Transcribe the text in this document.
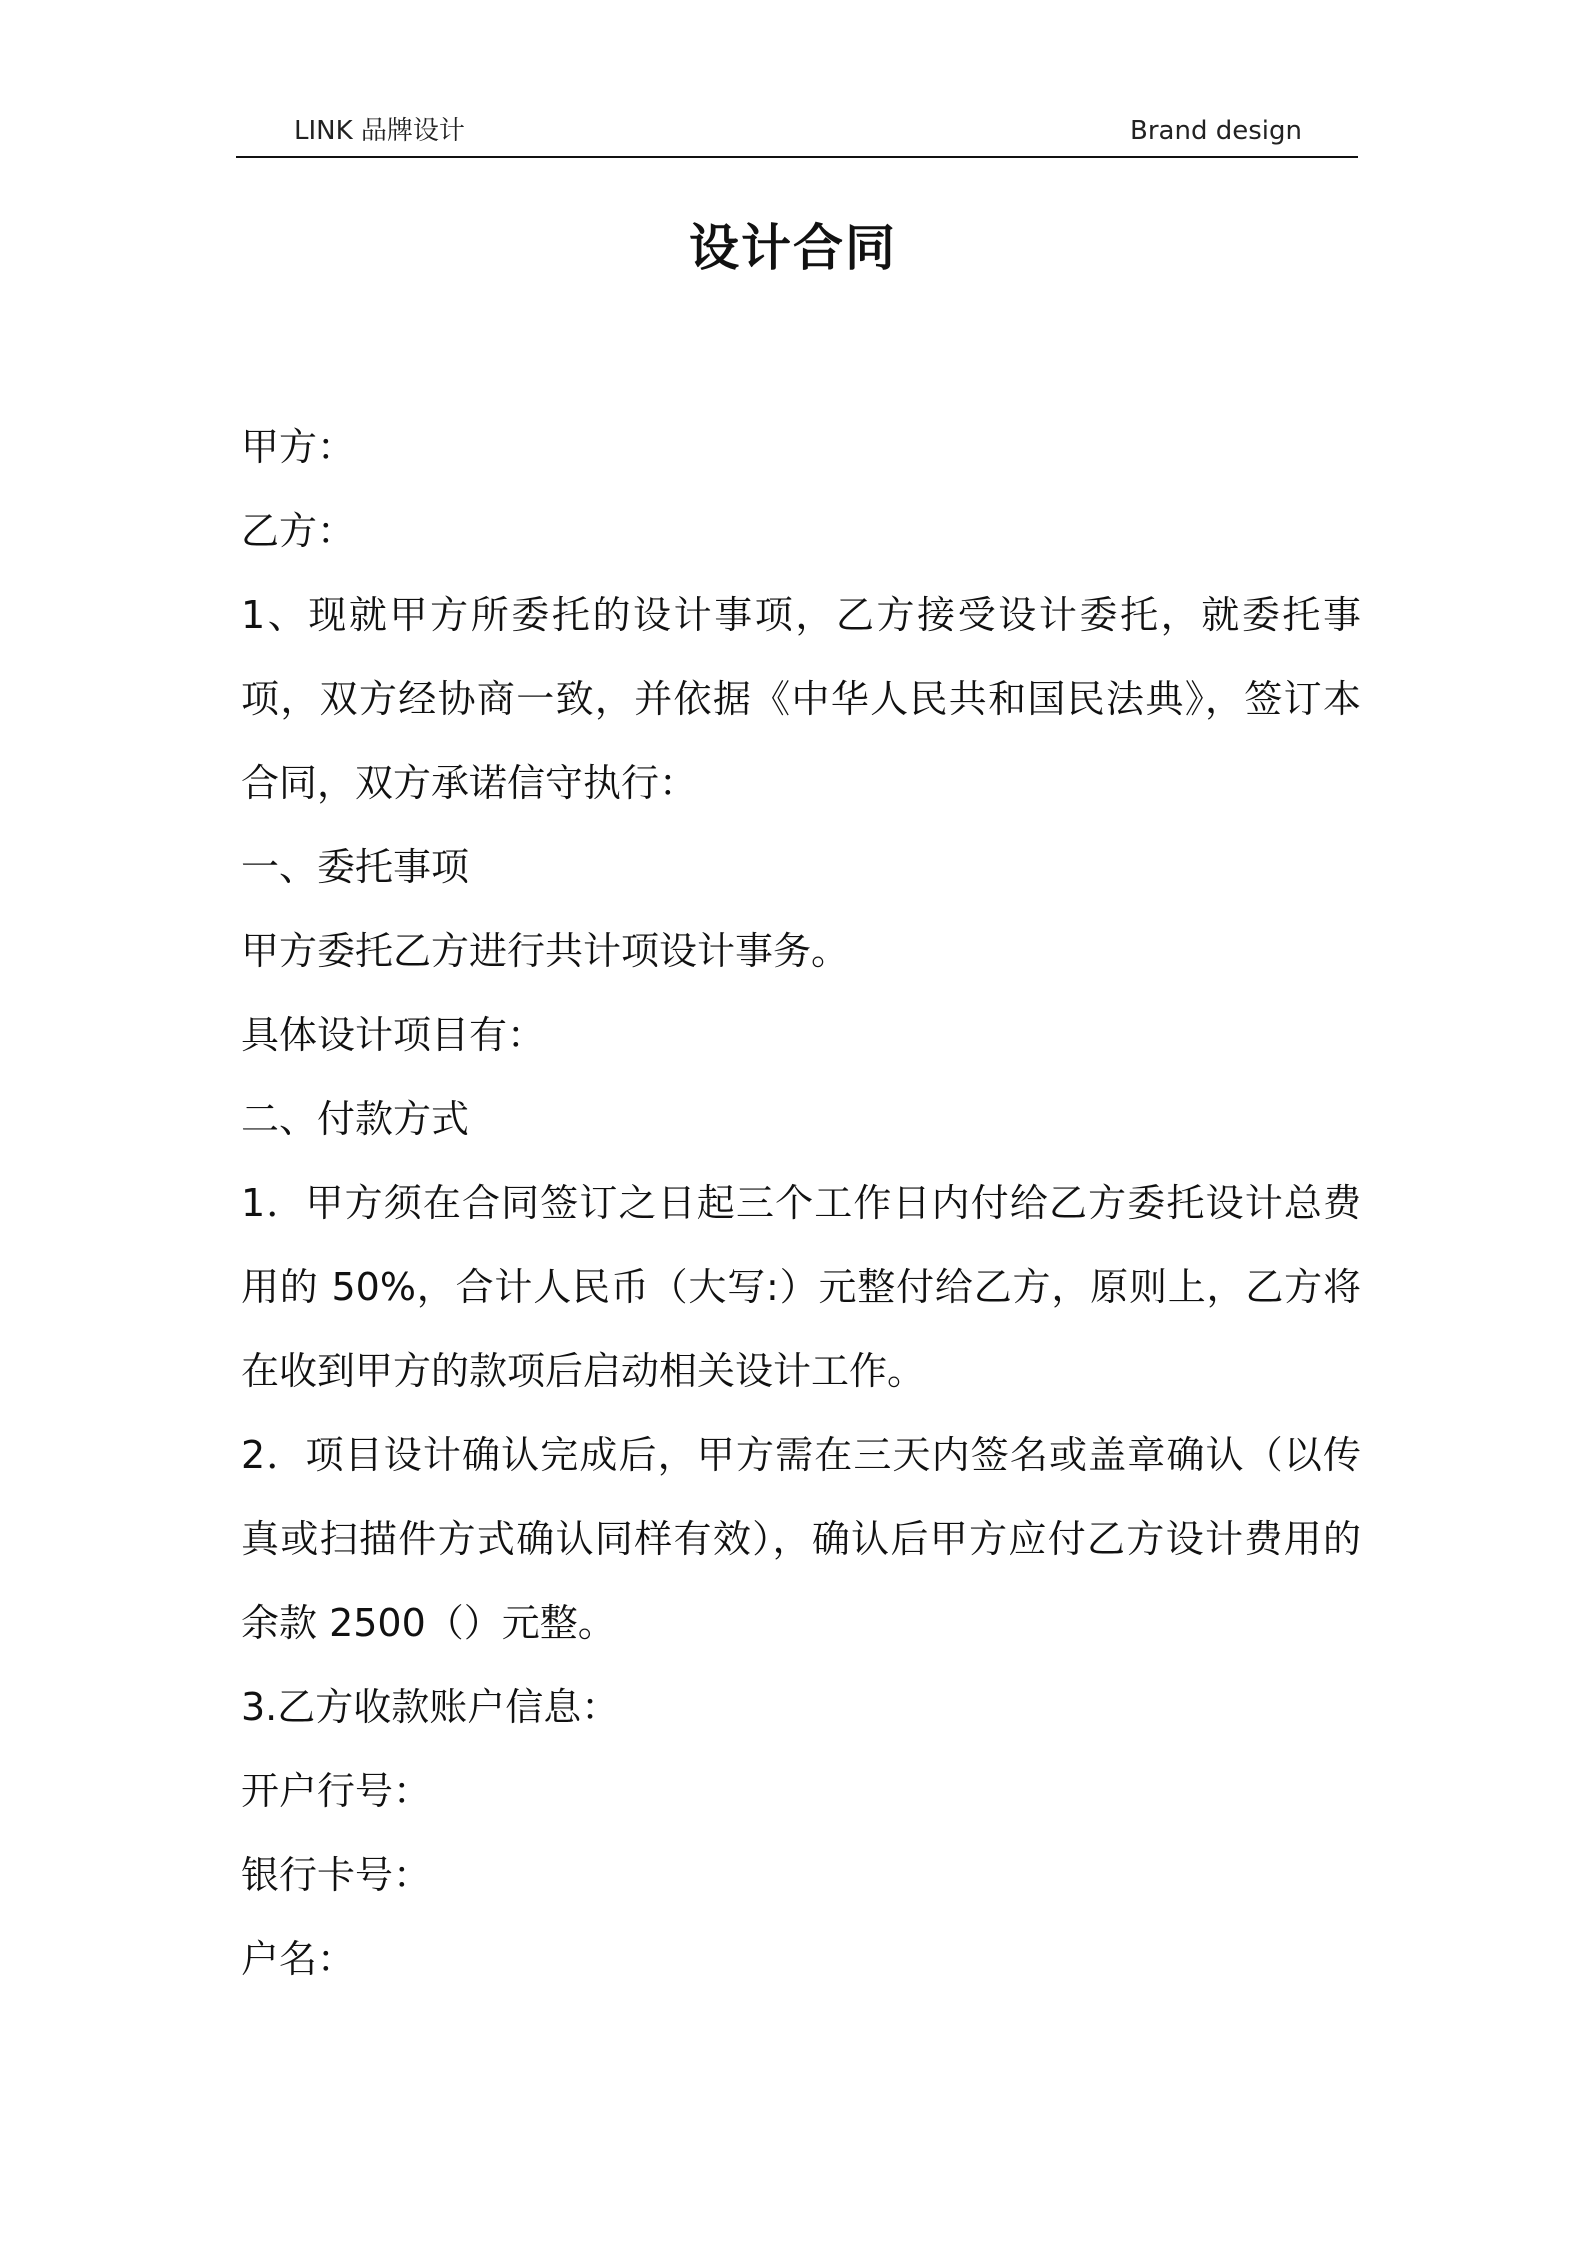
LINK 品牌设计	Brand design
设计合同

甲方：

乙方：

1、现就甲方所委托的设计事项，乙方接受设计委托，就委托事项，双方经协商一致，并依据《中华人民共和国民法典》，签订本合同，双方承诺信守执行：

一、委托事项

甲方委托乙方进行共计项设计事务。

具体设计项目有：

二、付款方式

1．甲方须在合同签订之日起三个工作日内付给乙方委托设计总费用的 50%，合计人民币（大写:）元整付给乙方，原则上，乙方将在收到甲方的款项后启动相关设计工作。

2．项目设计确认完成后，甲方需在三天内签名或盖章确认（以传真或扫描件方式确认同样有效），确认后甲方应付乙方设计费用的余款 2500（）元整。

3.乙方收款账户信息：

开户行号：

银行卡号：

户名：
